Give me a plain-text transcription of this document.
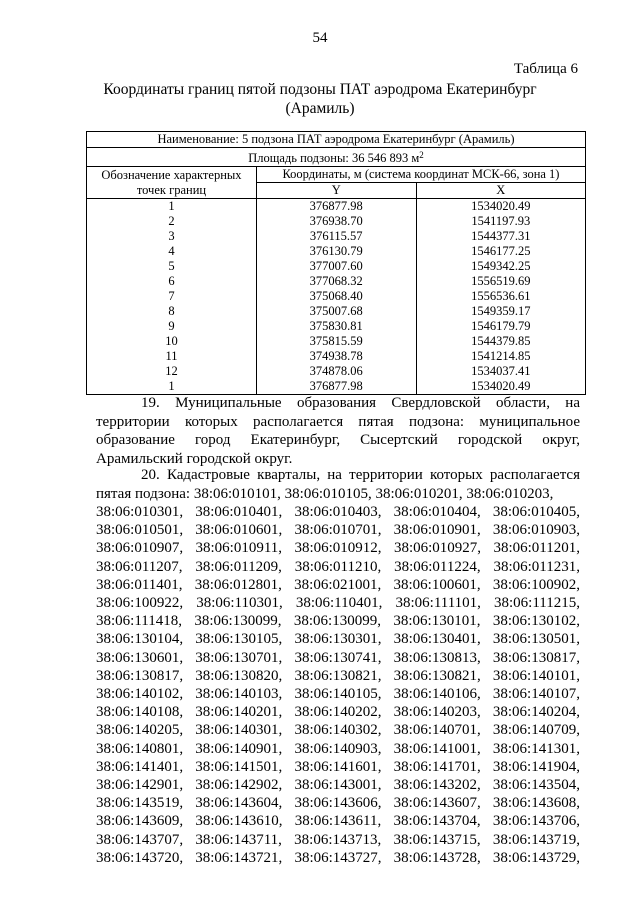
54
Таблица 6
Координаты границ пятой подзоны ПАТ аэродрома Екатеринбург (Арамиль)
Наименование: 5 подзона ПАТ аэродрома Екатеринбург (Арамиль)		
Площадь подзоны: 36 546 893 $м^2$
Обозначение характерных точек границ	Координаты, м (система координат МСК-66, зона 1)	
	Y	X
1	376877.98	1534020.49
2	376938.70	1541197.93
3	376115.57	1544377.31
4	376130.79	1546177.25
5	377007.60	1549342.25
6	377068.32	1556519.69
7	375068.40	1556536.61
8	375007.68	1549359.17
9	375830.81	1546179.79
10	375815.59	1544379.85
11	374938.78	1541214.85
12	374878.06	1534037.41
1	376877.98	1534020.49
19. Муниципальные образования Свердловской области, на территории которых располагается пятая подзона: муниципальное образование город Екатеринбург, Сысертский городской округ, Арамильский городской округ.
20. Кадастровые кварталы, на территории которых располагается пятая подзона: 38:06:010101, 38:06:010105, 38:06:010201, 38:06:010203,
38:06:010301, 38:06:010401, 38:06:010403, 38:06:010404, 38:06:010405,
38:06:010501, 38:06:010601, 38:06:010701, 38:06:010901, 38:06:010903,
38:06:010907, 38:06:010911, 38:06:010912, 38:06:010927, 38:06:011201,
38:06:011207, 38:06:011209, 38:06:011210, 38:06:011224, 38:06:011231,
38:06:011401, 38:06:012801, 38:06:021001, 38:06:100601, 38:06:100902,
38:06:100922, 38:06:110301, 38:06:110401, 38:06:111101, 38:06:111215,
38:06:111418, 38:06:130099, 38:06:130099, 38:06:130101, 38:06:130102,
38:06:130104, 38:06:130105, 38:06:130301, 38:06:130401, 38:06:130501,
38:06:130601, 38:06:130701, 38:06:130741, 38:06:130813, 38:06:130817,
38:06:130817, 38:06:130820, 38:06:130821, 38:06:130821, 38:06:140101,
38:06:140102, 38:06:140103, 38:06:140105, 38:06:140106, 38:06:140107,
38:06:140108, 38:06:140201, 38:06:140202, 38:06:140203, 38:06:140204,
38:06:140205, 38:06:140301, 38:06:140302, 38:06:140701, 38:06:140709,
38:06:140801, 38:06:140901, 38:06:140903, 38:06:141001, 38:06:141301,
38:06:141401, 38:06:141501, 38:06:141601, 38:06:141701, 38:06:141904,
38:06:142901, 38:06:142902, 38:06:143001, 38:06:143202, 38:06:143504,
38:06:143519, 38:06:143604, 38:06:143606, 38:06:143607, 38:06:143608,
38:06:143609, 38:06:143610, 38:06:143611, 38:06:143704, 38:06:143706,
38:06:143707, 38:06:143711, 38:06:143713, 38:06:143715, 38:06:143719,
38:06:143720, 38:06:143721, 38:06:143727, 38:06:143728, 38:06:143729,
